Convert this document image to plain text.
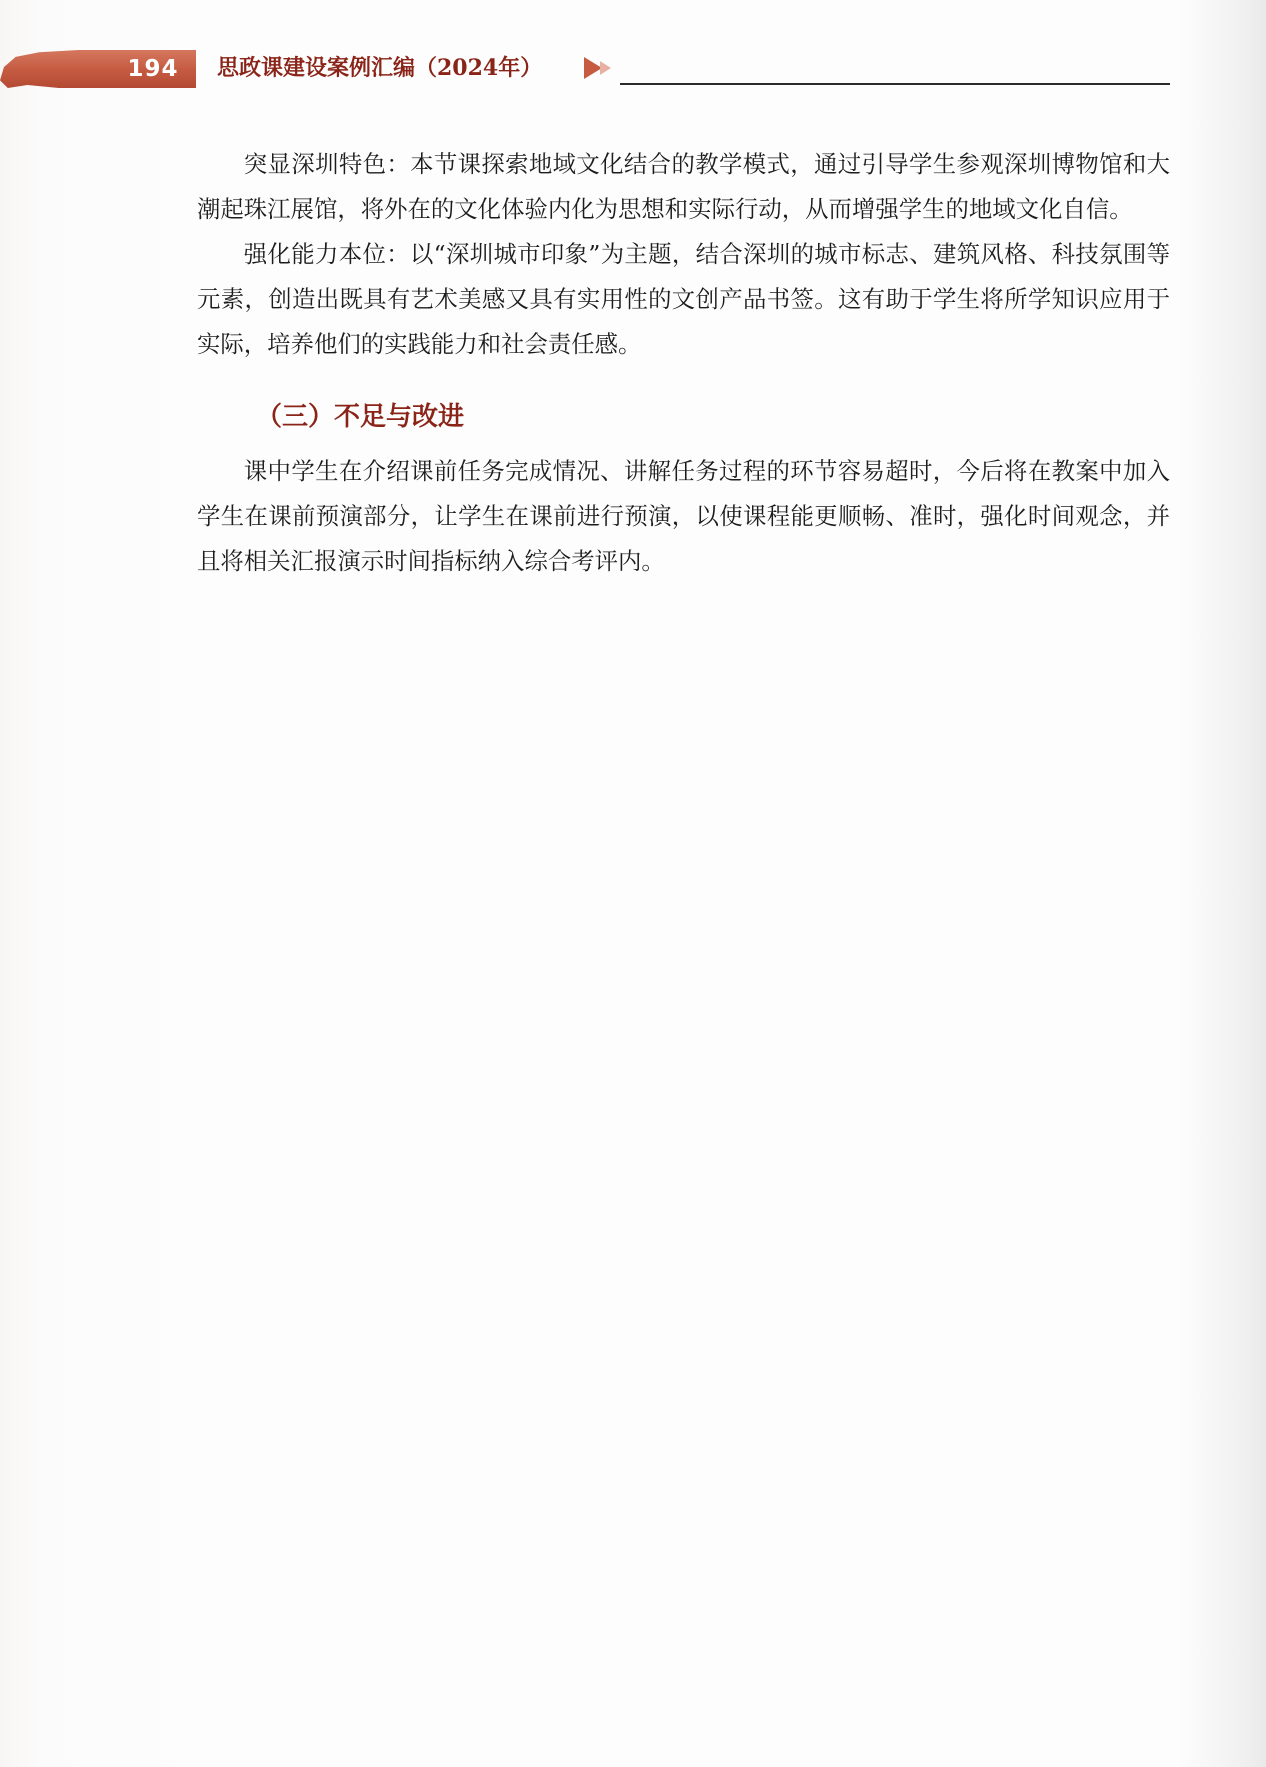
194	思政课建设案例汇编（2024年）

突显深圳特色：本节课探索地域文化结合的教学模式，通过引导学生参观深圳博物馆和大潮起珠江展馆，将外在的文化体验内化为思想和实际行动，从而增强学生的地域文化自信。

强化能力本位：以“深圳城市印象”为主题，结合深圳的城市标志、建筑风格、科技氛围等元素，创造出既具有艺术美感又具有实用性的文创产品书签。这有助于学生将所学知识应用于实际，培养他们的实践能力和社会责任感。

（三）不足与改进

课中学生在介绍课前任务完成情况、讲解任务过程的环节容易超时，今后将在教案中加入学生在课前预演部分，让学生在课前进行预演，以使课程能更顺畅、准时，强化时间观念，并且将相关汇报演示时间指标纳入综合考评内。
